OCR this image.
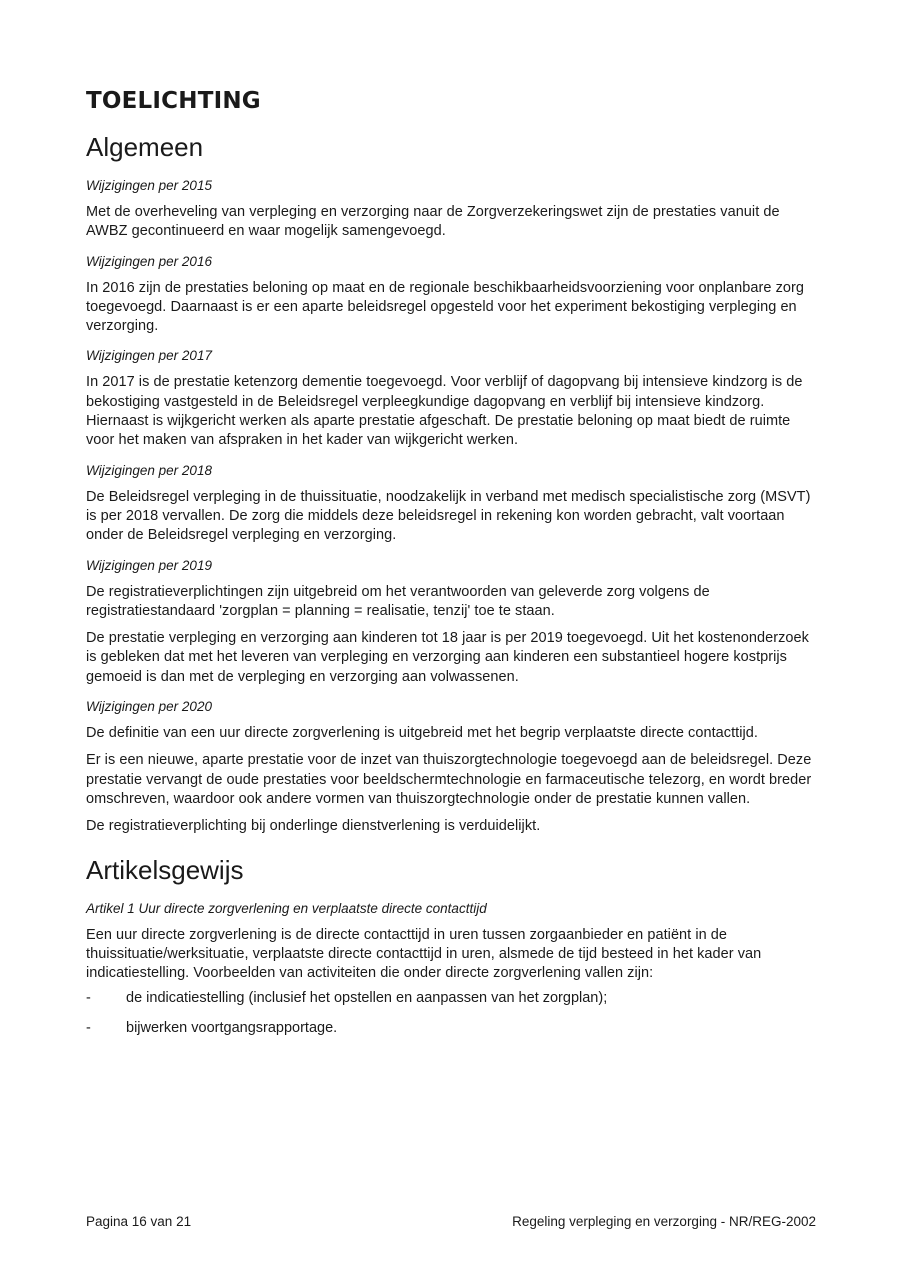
TOELICHTING
Algemeen

Wijzigingen per 2015

Met de overheveling van verpleging en verzorging naar de Zorgverzekeringswet zijn de prestaties vanuit de AWBZ gecontinueerd en waar mogelijk samengevoegd.

Wijzigingen per 2016

In 2016 zijn de prestaties beloning op maat en de regionale beschikbaarheidsvoorziening voor onplanbare zorg toegevoegd. Daarnaast is er een aparte beleidsregel opgesteld voor het experiment bekostiging verpleging en verzorging.

Wijzigingen per 2017

In 2017 is de prestatie ketenzorg dementie toegevoegd. Voor verblijf of dagopvang bij intensieve kindzorg is de bekostiging vastgesteld in de Beleidsregel verpleegkundige dagopvang en verblijf bij intensieve kindzorg. Hiernaast is wijkgericht werken als aparte prestatie afgeschaft. De prestatie beloning op maat biedt de ruimte voor het maken van afspraken in het kader van wijkgericht werken.

Wijzigingen per 2018

De Beleidsregel verpleging in de thuissituatie, noodzakelijk in verband met medisch specialistische zorg (MSVT) is per 2018 vervallen. De zorg die middels deze beleidsregel in rekening kon worden gebracht, valt voortaan onder de Beleidsregel verpleging en verzorging.

Wijzigingen per 2019

De registratieverplichtingen zijn uitgebreid om het verantwoorden van geleverde zorg volgens de registratiestandaard 'zorgplan = planning = realisatie, tenzij' toe te staan.

De prestatie verpleging en verzorging aan kinderen tot 18 jaar is per 2019 toegevoegd. Uit het kostenonderzoek is gebleken dat met het leveren van verpleging en verzorging aan kinderen een substantieel hogere kostprijs gemoeid is dan met de verpleging en verzorging aan volwassenen.

Wijzigingen per 2020

De definitie van een uur directe zorgverlening is uitgebreid met het begrip verplaatste directe contacttijd.

Er is een nieuwe, aparte prestatie voor de inzet van thuiszorgtechnologie toegevoegd aan de beleidsregel. Deze prestatie vervangt de oude prestaties voor beeldschermtechnologie en farmaceutische telezorg, en wordt breder omschreven, waardoor ook andere vormen van thuiszorgtechnologie onder de prestatie kunnen vallen.

De registratieverplichting bij onderlinge dienstverlening is verduidelijkt.

Artikelsgewijs

Artikel 1 Uur directe zorgverlening en verplaatste directe contacttijd

Een uur directe zorgverlening is de directe contacttijd in uren tussen zorgaanbieder en patiënt in de thuissituatie/werksituatie, verplaatste directe contacttijd in uren, alsmede de tijd besteed in het kader van indicatiestelling. Voorbeelden van activiteiten die onder directe zorgverlening vallen zijn:

-	de indicatiestelling (inclusief het opstellen en aanpassen van het zorgplan);
-	bijwerken voortgangsrapportage.
Pagina 16 van 21	Regeling verpleging en verzorging - NR/REG-2002
